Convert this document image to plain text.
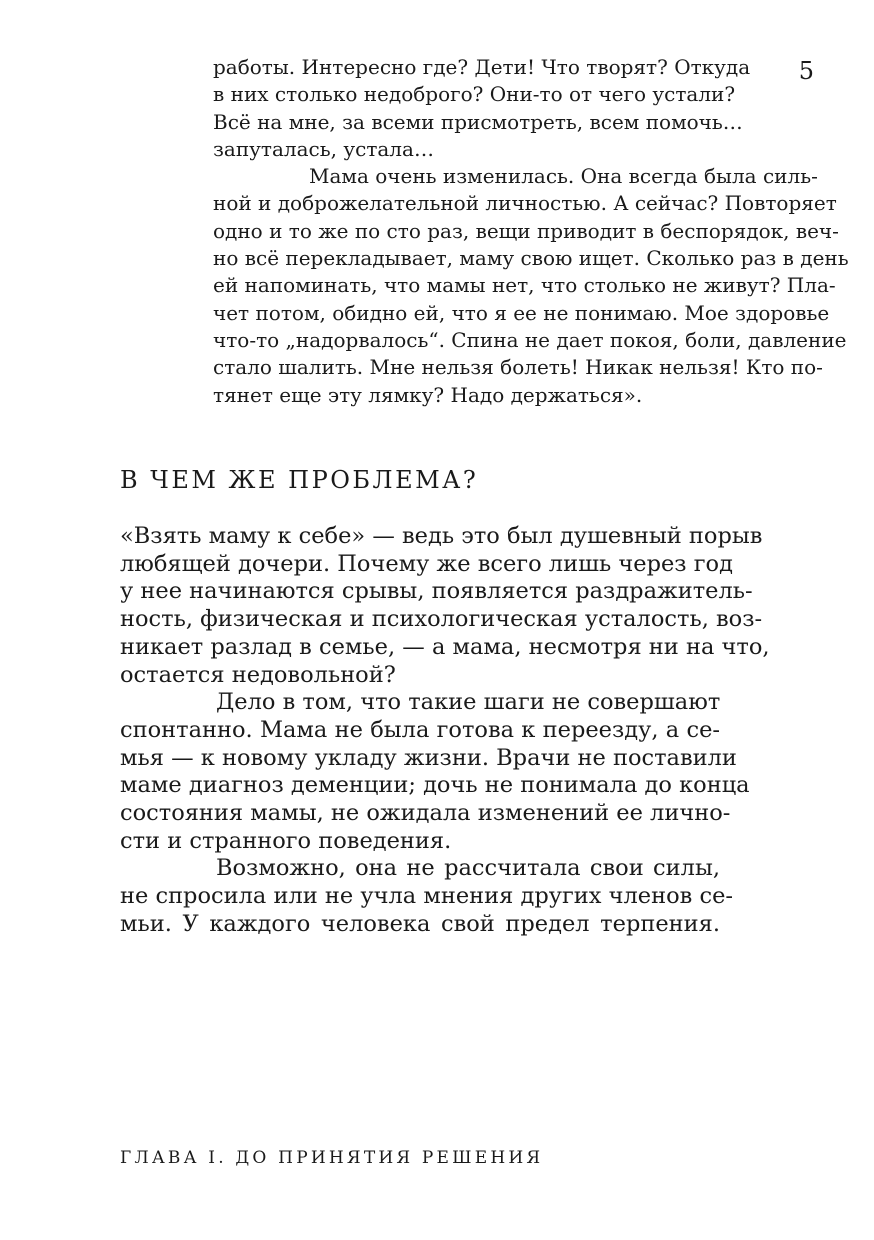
5
работы. Интересно где? Дети! Что творят? Откуда
в них столько недоброго? Они-то от чего устали?
Всё на мне, за всеми присмотреть, всем помочь…
запуталась, устала…
Мама очень изменилась. Она всегда была силь-
ной и доброжелательной личностью. А сейчас? Повторяет
одно и то же по сто раз, вещи приводит в беспорядок, веч-
но всё перекладывает, маму свою ищет. Сколько раз в день
ей напоминать, что мамы нет, что столько не живут? Пла-
чет потом, обидно ей, что я ее не понимаю. Мое здоровье
что-то „надорвалось“. Спина не дает покоя, боли, давление
стало шалить. Мне нельзя болеть! Никак нельзя! Кто по-
тянет еще эту лямку? Надо держаться».
В ЧЕМ ЖЕ ПРОБЛЕМА?
«Взять маму к себе» — ведь это был душевный порыв
любящей дочери. Почему же всего лишь через год
у нее начинаются срывы, появляется раздражитель-
ность, физическая и психологическая усталость, воз-
никает разлад в семье, — а мама, несмотря ни на что,
остается недовольной?
Дело в том, что такие шаги не совершают
спонтанно. Мама не была готова к переезду, а се-
мья — к новому укладу жизни. Врачи не поставили
маме диагноз деменции; дочь не понимала до конца
состояния мамы, не ожидала изменений ее лично-
сти и странного поведения.
Возможно, она не рассчитала свои силы,
не спросила или не учла мнения других членов се-
мьи. У каждого человека свой предел терпения.
ГЛАВА I. ДО ПРИНЯТИЯ РЕШЕНИЯ
